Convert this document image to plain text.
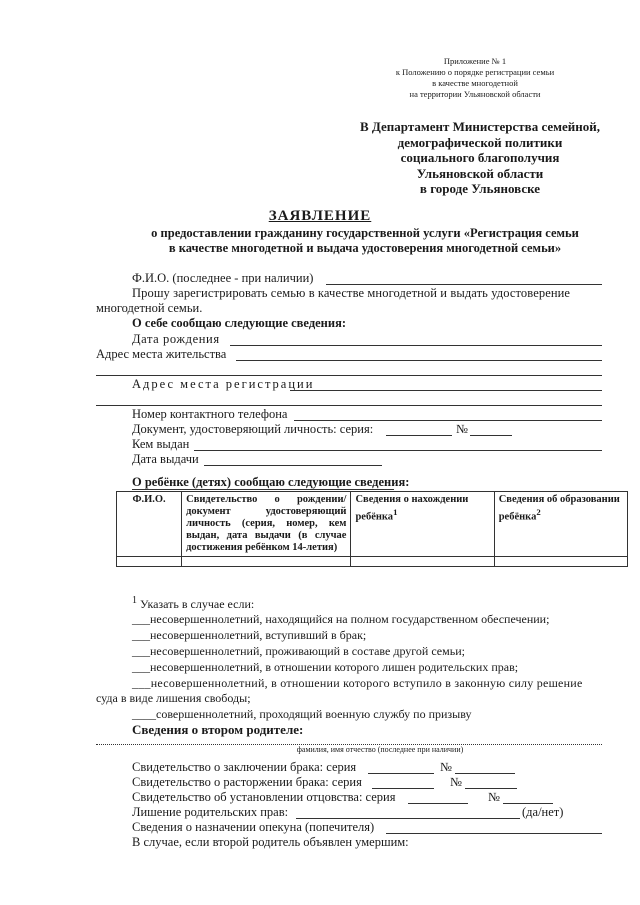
Приложение № 1
к Положению о порядке регистрации семьи
в качестве многодетной
на территории Ульяновской области
В Департамент Министерства семейной,
демографической политики
социального благополучия
Ульяновской области
в городе Ульяновске
ЗАЯВЛЕНИЕ
о предоставлении гражданину государственной услуги «Регистрация семьи
в качестве многодетной и выдача удостоверения многодетной семьи»
Ф.И.О. (последнее - при наличии)
Прошу зарегистрировать семью в качестве многодетной и выдать удостоверение
многодетной семьи.
О себе сообщаю следующие сведения:
Дата рождения
Адрес места жительства
Адрес места регистрации
Номер контактного телефона
Документ, удостоверяющий личность: серия:	№
Кем выдан
Дата выдачи
О ребёнке (детях) сообщаю следующие сведения:
Ф.И.О.	Свидетельство о рождении/ документ удостоверяющий личность (серия, номер, кем выдан, дата выдачи (в случае достижения ребёнком 14-летия)	Сведения о нахождении ребёнка$^1$	Сведения об образовании ребёнка$^2$

$^1$ Указать в случае если:
___несовершеннолетний, находящийся на полном государственном обеспечении;
___несовершеннолетний, вступивший в брак;
___несовершеннолетний, проживающий в составе другой семьи;
___несовершеннолетний, в отношении которого лишен родительских прав;
___несовершеннолетний, в отношении которого вступило в законную силу решение
суда в виде лишения свободы;
____совершеннолетний, проходящий военную службу по призыву
Сведения о втором родителе:
фамилия, имя отчество (последнее при наличии)
Свидетельство о заключении брака: серия	№
Свидетельство о расторжении брака: серия	№
Свидетельство об установлении отцовства: серия	№
Лишение родительских прав:	(да/нет)
Сведения о назначении опекуна (попечителя)
В случае, если второй родитель объявлен умершим:
